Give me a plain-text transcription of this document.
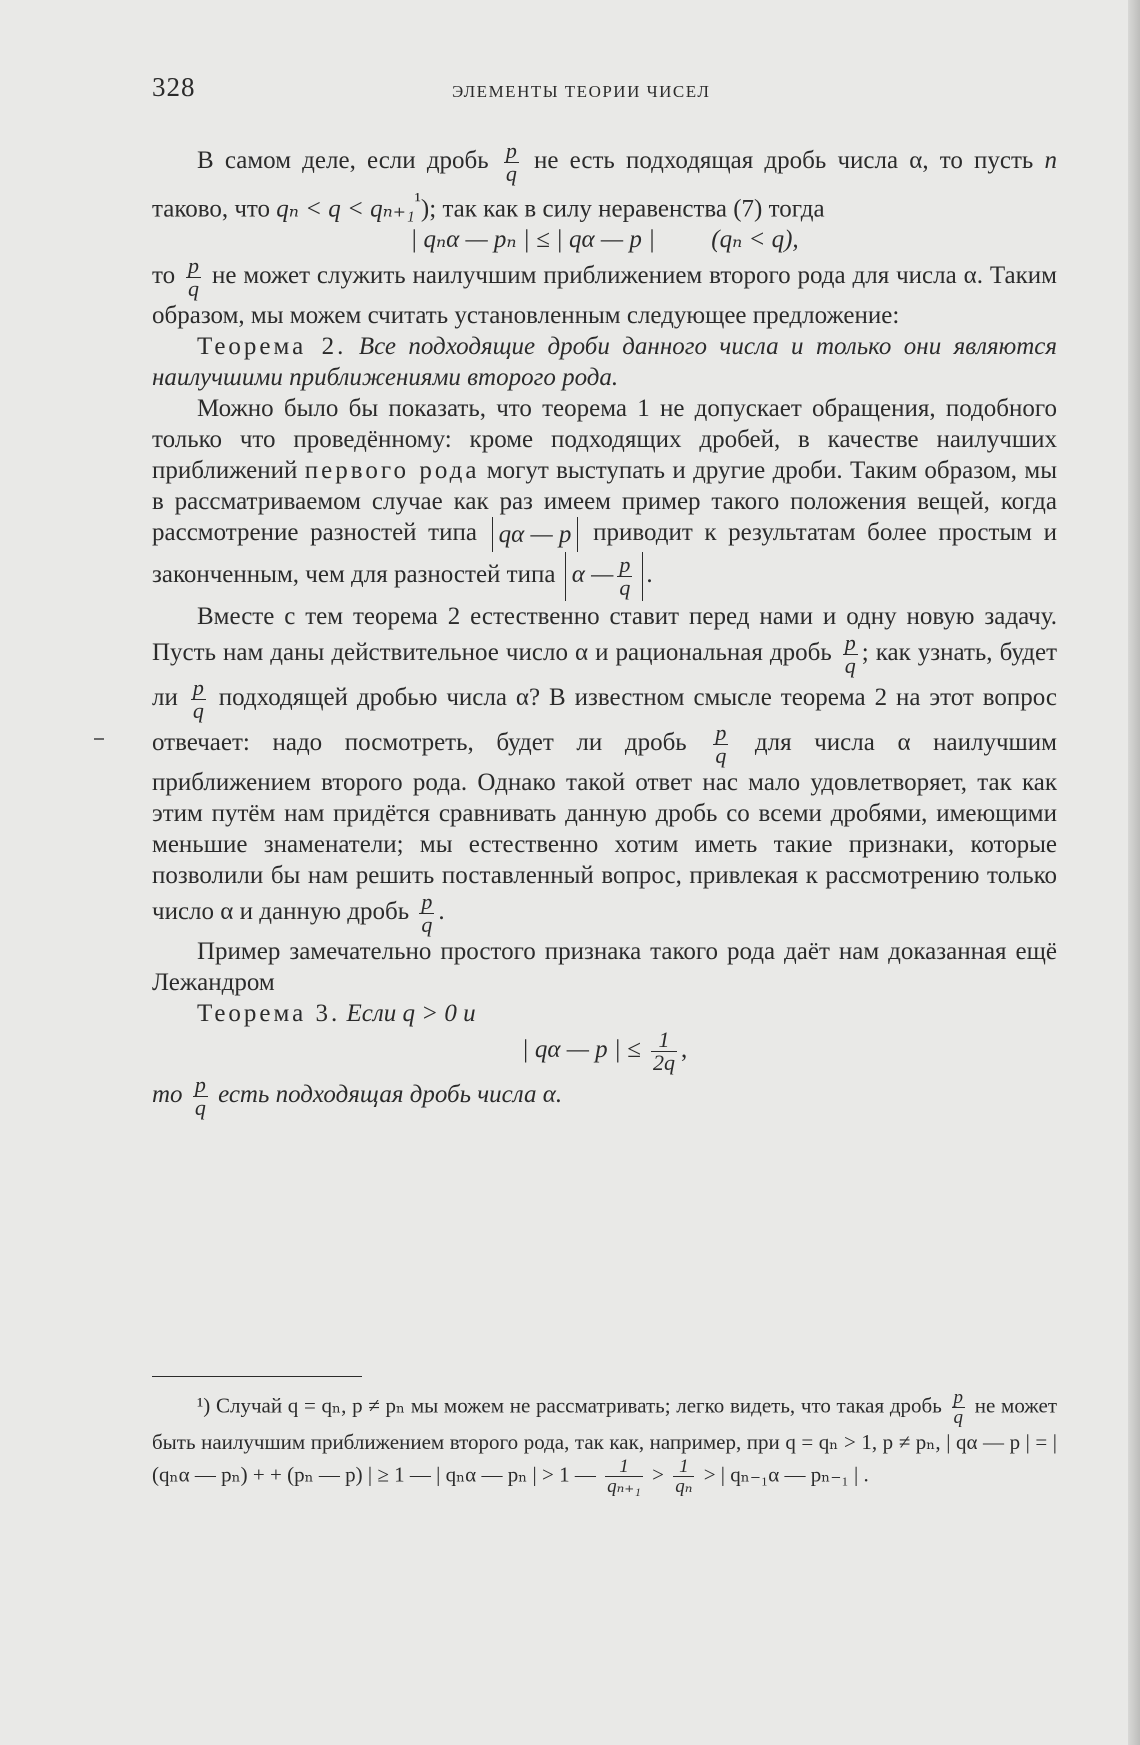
328	ЭЛЕМЕНТЫ ТЕОРИИ ЧИСЕЛ

В самом деле, если дробь $\frac{p}{q}$ не есть подходящая дробь числа α, то пусть n таково, что qₙ < q < qₙ₊₁$^{^1}$); так как в силу неравенства (7) тогда

| qₙα — pₙ | ≤ | qα — p | (qₙ < q),

то $\frac{p}{q}$ не может служить наилучшим приближением второго рода для числа α. Таким образом, мы можем считать установленным следующее предложение:

Теорема 2. Все подходящие дроби данного числа и только они являются наилучшими приближениями второго рода.

Можно было бы показать, что теорема 1 не допускает обращения, подобного только что проведённому: кроме подходящих дробей, в качестве наилучших приближений первого рода могут выступать и другие дроби. Таким образом, мы в рассматриваемом случае как раз имеем пример такого положения вещей, когда рассмотрение разностей типа qα — p приводит к результатам более простым и законченным, чем для разностей типа α — $\frac{p}{q}$ .

Вместе с тем теорема 2 естественно ставит перед нами и одну новую задачу. Пусть нам даны действительное число α и рациональная дробь $\frac{p}{q}$ ; как узнать, будет ли $\frac{p}{q}$ подходящей дробью числа α? В известном смысле теорема 2 на этот вопрос отвечает: надо посмотреть, будет ли дробь $\frac{p}{q}$ для числа α наилучшим приближением второго рода. Однако такой ответ нас мало удовлетворяет, так как этим путём нам придётся сравнивать данную дробь со всеми дробями, имеющими меньшие знаменатели; мы естественно хотим иметь такие признаки, которые позволили бы нам решить поставленный вопрос, привлекая к рассмотрению только число α и данную дробь $\frac{p}{q}$ .

Пример замечательно простого признака такого рода даёт нам доказанная ещё Лежандром

Теорема 3. Если q > 0 и

| qα — p | ≤ $\frac{1}{2q}$ ,

то $\frac{p}{q}$ есть подходящая дробь числа α.

¹) Случай q = qₙ, p ≠ pₙ мы можем не рассматривать; легко видеть, что такая дробь $\frac{p}{q}$ не может быть наилучшим приближением второго рода, так как, например, при q = qₙ > 1, p ≠ pₙ, | qα — p | = | (qₙα — pₙ) + + (pₙ — p) | ≥ 1 — | qₙα — pₙ | > 1 — $\frac{1}{\text{qₙ₊₁}} > \frac{1}{\text{qₙ}}$ > | qₙ₋₁α — pₙ₋₁ | .
